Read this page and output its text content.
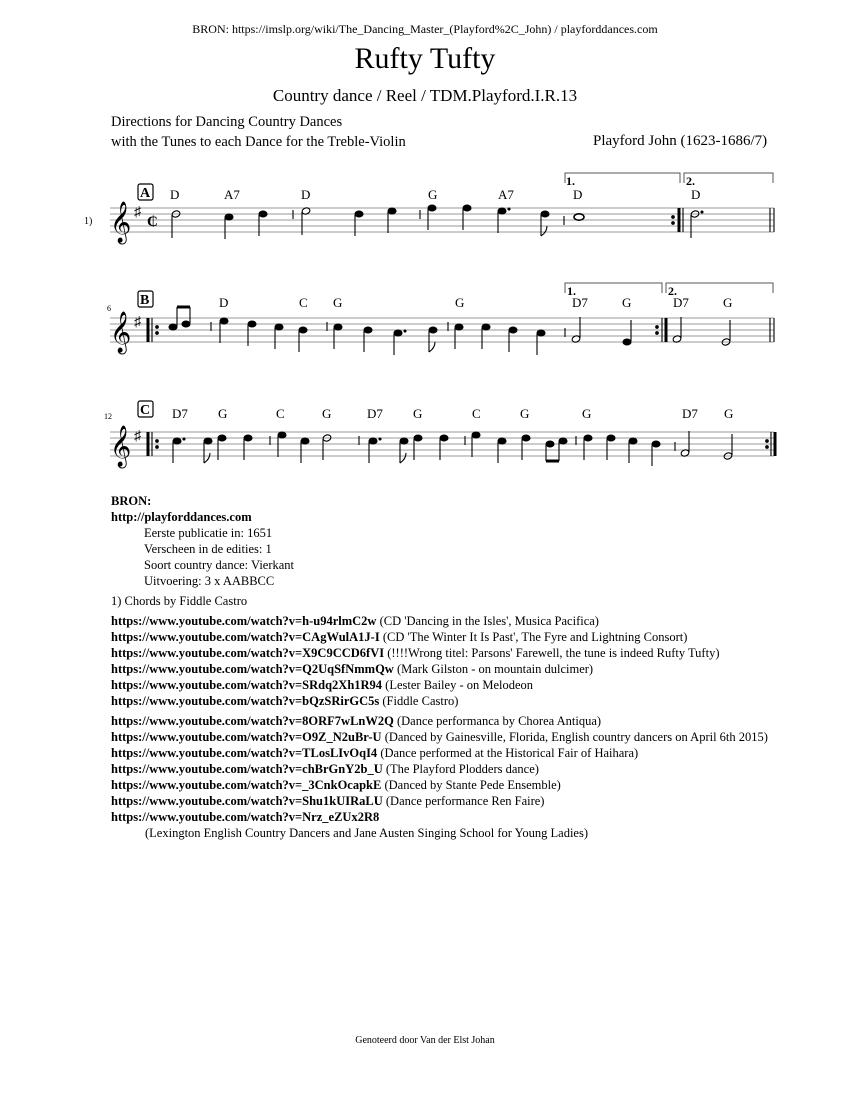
BRON: https://imslp.org/wiki/The_Dancing_Master_(Playford%2C_John) / playforddances.com
Rufty Tufty
Country dance / Reel / TDM.Playford.I.R.13
Directions for Dancing Country Dances
with the Tunes to each Dance for the Treble-Violin	Playford John (1623-1686/7)
1) 𝄞 ♯
₵
A D	A7	D	G	A7	D	D
1.	2.
6
𝄞 ♯
B	D	C G	G	D7	G	D7	G
1.	2.
12
𝄞 ♯
C D7 G	C	G	D7 G	C	G	G	D7 G
BRON:
http://playforddances.com
Eerste publicatie in: 1651
Verscheen in de edities: 1
Soort country dance: Vierkant
Uitvoering: 3 x AABBCC
1) Chords by Fiddle Castro
https://www.youtube.com/watch?v=h-u94rlmC2w (CD 'Dancing in the Isles', Musica Pacifica)
https://www.youtube.com/watch?v=CAgWulA1J-I (CD 'The Winter It Is Past', The Fyre and Lightning Consort)
https://www.youtube.com/watch?v=X9C9CCD6fVI (!!!!Wrong titel: Parsons' Farewell, the tune is indeed Rufty Tufty)
https://www.youtube.com/watch?v=Q2UqSfNmmQw (Mark Gilston - on mountain dulcimer)
https://www.youtube.com/watch?v=SRdq2Xh1R94 (Lester Bailey - on Melodeon
https://www.youtube.com/watch?v=bQzSRirGC5s (Fiddle Castro)
https://www.youtube.com/watch?v=8ORF7wLnW2Q (Dance performanca by Chorea Antiqua)
https://www.youtube.com/watch?v=O9Z_N2uBr-U (Danced by Gainesville, Florida, English country dancers on April 6th 2015)
https://www.youtube.com/watch?v=TLosLIvOqI4 (Dance performed at the Historical Fair of Haihara)
https://www.youtube.com/watch?v=chBrGnY2b_U (The Playford Plodders dance)
https://www.youtube.com/watch?v=_3CnkOcapkE (Danced by Stante Pede Ensemble)
https://www.youtube.com/watch?v=Shu1kUIRaLU (Dance performance Ren Faire)
https://www.youtube.com/watch?v=Nrz_eZUx2R8
(Lexington English Country Dancers and Jane Austen Singing School for Young Ladies)
Genoteerd door Van der Elst Johan
